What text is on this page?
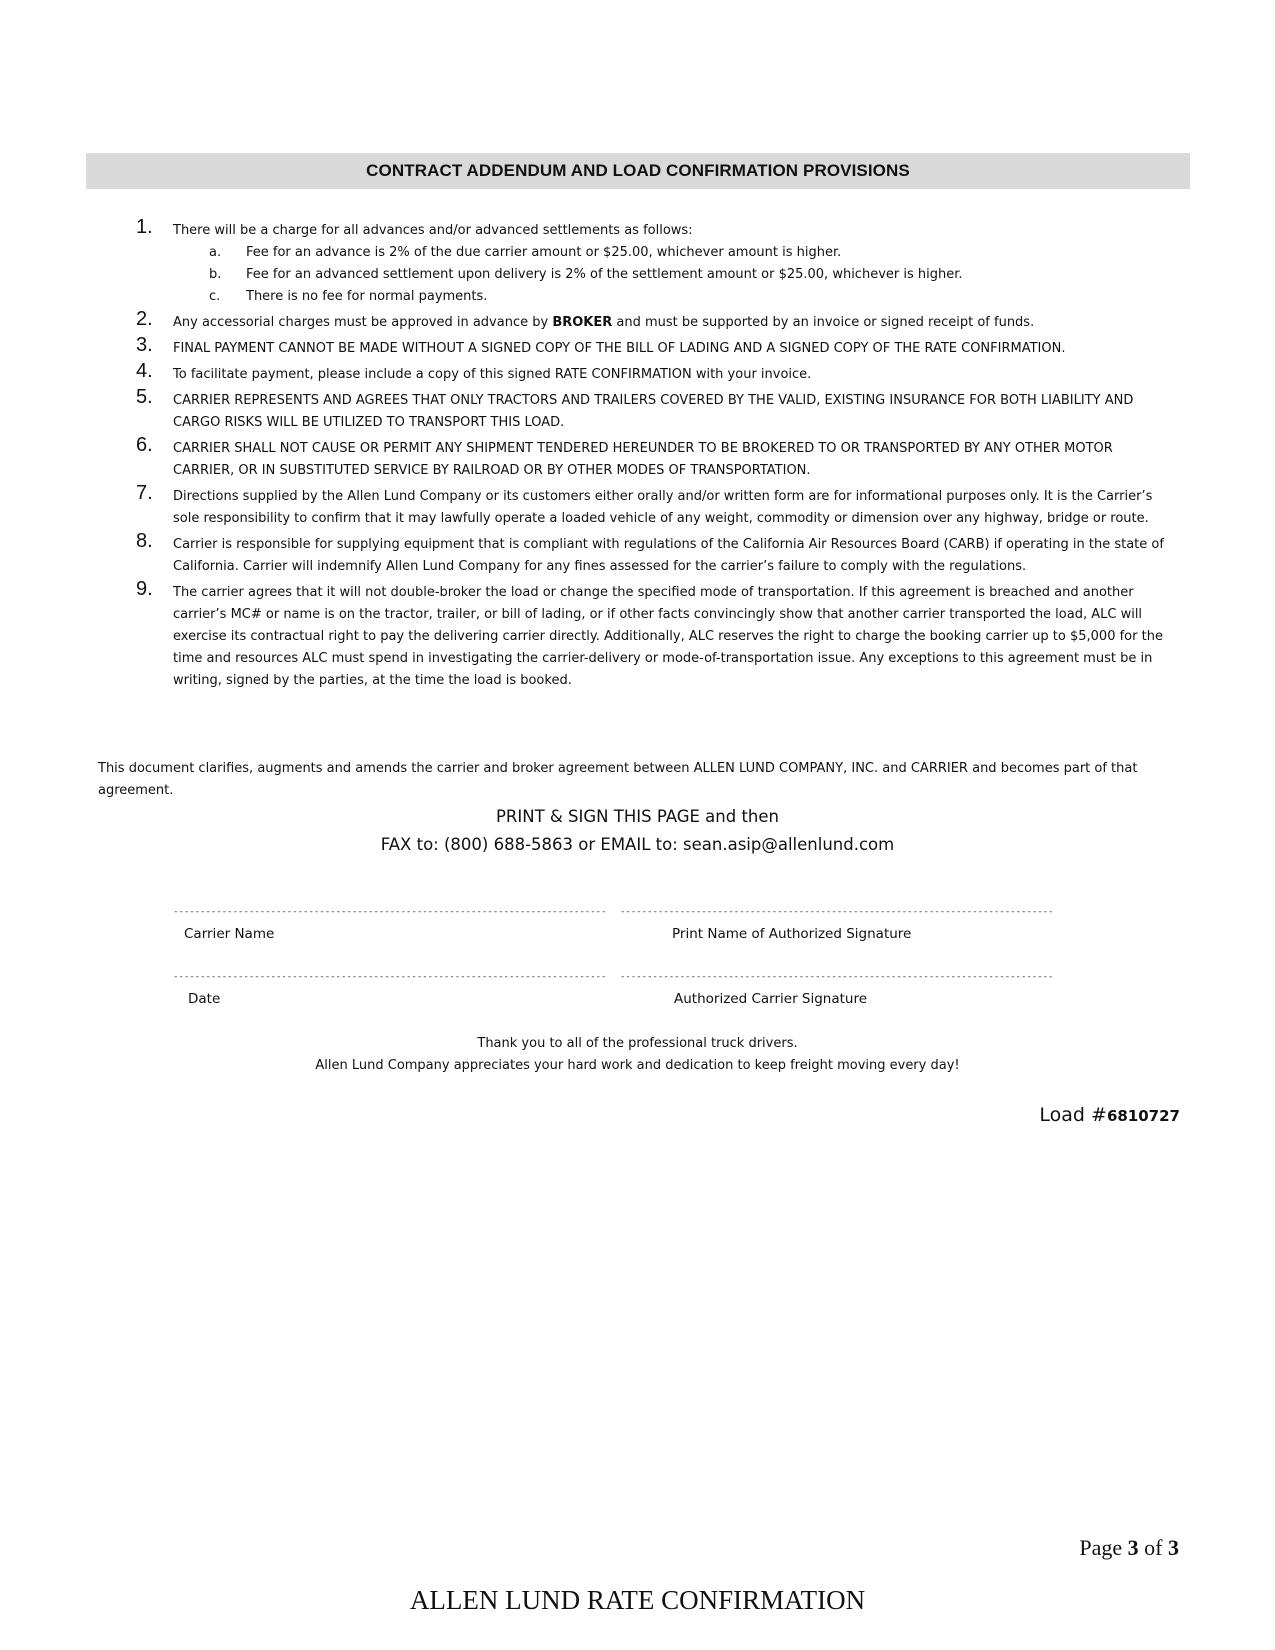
CONTRACT ADDENDUM AND LOAD CONFIRMATION PROVISIONS
1. There will be a charge for all advances and/or advanced settlements as follows:
a. Fee for an advance is 2% of the due carrier amount or $25.00, whichever amount is higher.
b. Fee for an advanced settlement upon delivery is 2% of the settlement amount or $25.00, whichever is higher.
c. There is no fee for normal payments.
2. Any accessorial charges must be approved in advance by BROKER and must be supported by an invoice or signed receipt of funds.
3. FINAL PAYMENT CANNOT BE MADE WITHOUT A SIGNED COPY OF THE BILL OF LADING AND A SIGNED COPY OF THE RATE CONFIRMATION.
4. To facilitate payment, please include a copy of this signed RATE CONFIRMATION with your invoice.
5. CARRIER REPRESENTS AND AGREES THAT ONLY TRACTORS AND TRAILERS COVERED BY THE VALID, EXISTING INSURANCE FOR BOTH LIABILITY AND CARGO RISKS WILL BE UTILIZED TO TRANSPORT THIS LOAD.
6. CARRIER SHALL NOT CAUSE OR PERMIT ANY SHIPMENT TENDERED HEREUNDER TO BE BROKERED TO OR TRANSPORTED BY ANY OTHER MOTOR CARRIER, OR IN SUBSTITUTED SERVICE BY RAILROAD OR BY OTHER MODES OF TRANSPORTATION.
7. Directions supplied by the Allen Lund Company or its customers either orally and/or written form are for informational purposes only. It is the Carrier’s sole responsibility to confirm that it may lawfully operate a loaded vehicle of any weight, commodity or dimension over any highway, bridge or route.
8. Carrier is responsible for supplying equipment that is compliant with regulations of the California Air Resources Board (CARB) if operating in the state of California. Carrier will indemnify Allen Lund Company for any fines assessed for the carrier’s failure to comply with the regulations.
9. The carrier agrees that it will not double-broker the load or change the specified mode of transportation. If this agreement is breached and another carrier’s MC# or name is on the tractor, trailer, or bill of lading, or if other facts convincingly show that another carrier transported the load, ALC will exercise its contractual right to pay the delivering carrier directly. Additionally, ALC reserves the right to charge the booking carrier up to $5,000 for the time and resources ALC must spend in investigating the carrier-delivery or mode-of-transportation issue. Any exceptions to this agreement must be in writing, signed by the parties, at the time the load is booked.
This document clarifies, augments and amends the carrier and broker agreement between ALLEN LUND COMPANY, INC. and CARRIER and becomes part of that agreement.
PRINT & SIGN THIS PAGE and then
FAX to: (800) 688-5863 or EMAIL to: sean.asip@allenlund.com
--------------------------------------------------------------------------------
Carrier Name
--------------------------------------------------------------------------------
Print Name of Authorized Signature
--------------------------------------------------------------------------------
Date
--------------------------------------------------------------------------------
Authorized Carrier Signature
Thank you to all of the professional truck drivers.
Allen Lund Company appreciates your hard work and dedication to keep freight moving every day!
Load #6810727
Page 3 of 3
ALLEN LUND RATE CONFIRMATION
